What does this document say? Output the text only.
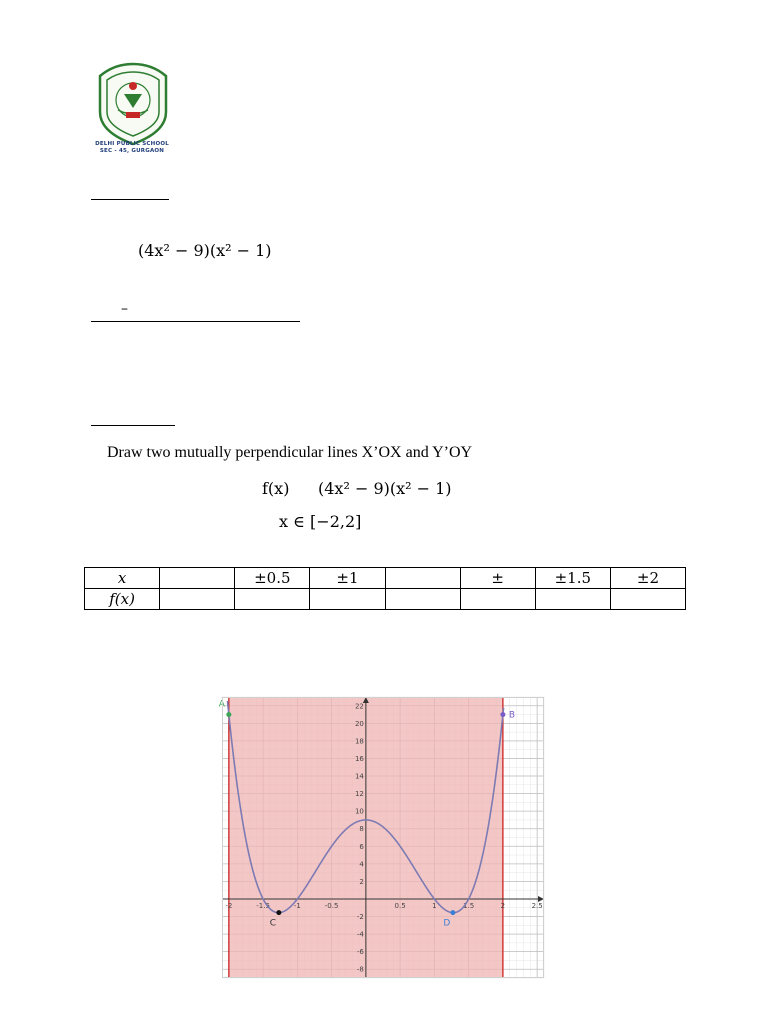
DELHI PUBLIC SCHOOL
SEC - 45, GURGAON
(4x² − 9)(x² − 1)
–
Draw two mutually perpendicular lines X’OX and Y’OY
f(x) (4x² − 9)(x² − 1)
x ∈ [−2,2]
x		±0.5	±1		±	±1.5	±2
f(x)							
-2	-1.5	-1	-0.5	0.5	1	1.5	2	2.5
22
20
18
16
14
12
10
8
6
4
2
-2
-4
-6
-8
A
B
C	D
